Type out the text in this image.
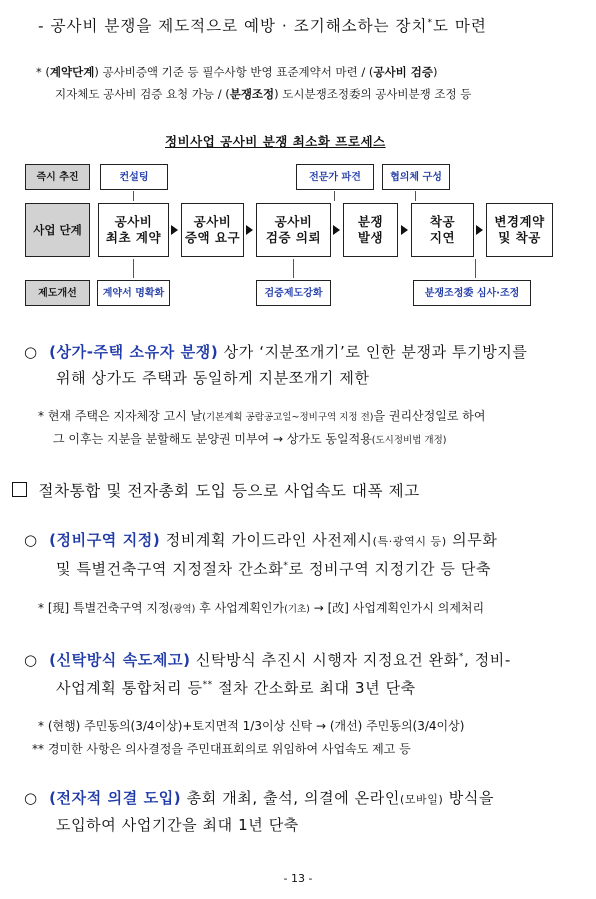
- 공사비 분쟁을 제도적으로 예방 · 조기해소하는 장치*도 마련
* (계약단계) 공사비증액 기준 등 필수사항 반영 표준계약서 마련 / (공사비 검증)
지자체도 공사비 검증 요청 가능 / (분쟁조정) 도시분쟁조정委의 공사비분쟁 조정 등
정비사업 공사비 분쟁 최소화 프로세스
즉시 추진
사업 단계
제도개선
컨설팅	전문가 파견	협의체 구성
공사비
최초 계약
공사비
증액 요구
공사비
검증 의뢰
분쟁
발생
착공
지연
변경계약
및 착공
계약서 명확화	검증제도강화	분쟁조정委 심사·조정
○ (상가-주택 소유자 분쟁) 상가 ‘지분쪼개기’로 인한 분쟁과 투기방지를
위해 상가도 주택과 동일하게 지분쪼개기 제한
* 현재 주택은 지자체장 고시 날(기본계획 공람공고일~정비구역 지정 전)을 권리산정일로 하여
그 이후는 지분을 분할해도 분양권 미부여 → 상가도 동일적용(도시정비법 개정)
절차통합 및 전자총회 도입 등으로 사업속도 대폭 제고
○ (정비구역 지정) 정비계획 가이드라인 사전제시(특·광역시 등) 의무화
및 특별건축구역 지정절차 간소화*로 정비구역 지정기간 등 단축
* [現] 특별건축구역 지정(광역) 후 사업계획인가(기초) → [改] 사업계획인가시 의제처리
○ (신탁방식 속도제고) 신탁방식 추진시 시행자 지정요건 완화*, 정비-
사업계획 통합처리 등** 절차 간소화로 최대 3년 단축
* (현행) 주민동의(3/4이상)+토지면적 1/3이상 신탁 → (개선) 주민동의(3/4이상)
** 경미한 사항은 의사결정을 주민대표회의로 위임하여 사업속도 제고 등
○ (전자적 의결 도입) 총회 개최, 출석, 의결에 온라인(모바일) 방식을
도입하여 사업기간을 최대 1년 단축
- 13 -
